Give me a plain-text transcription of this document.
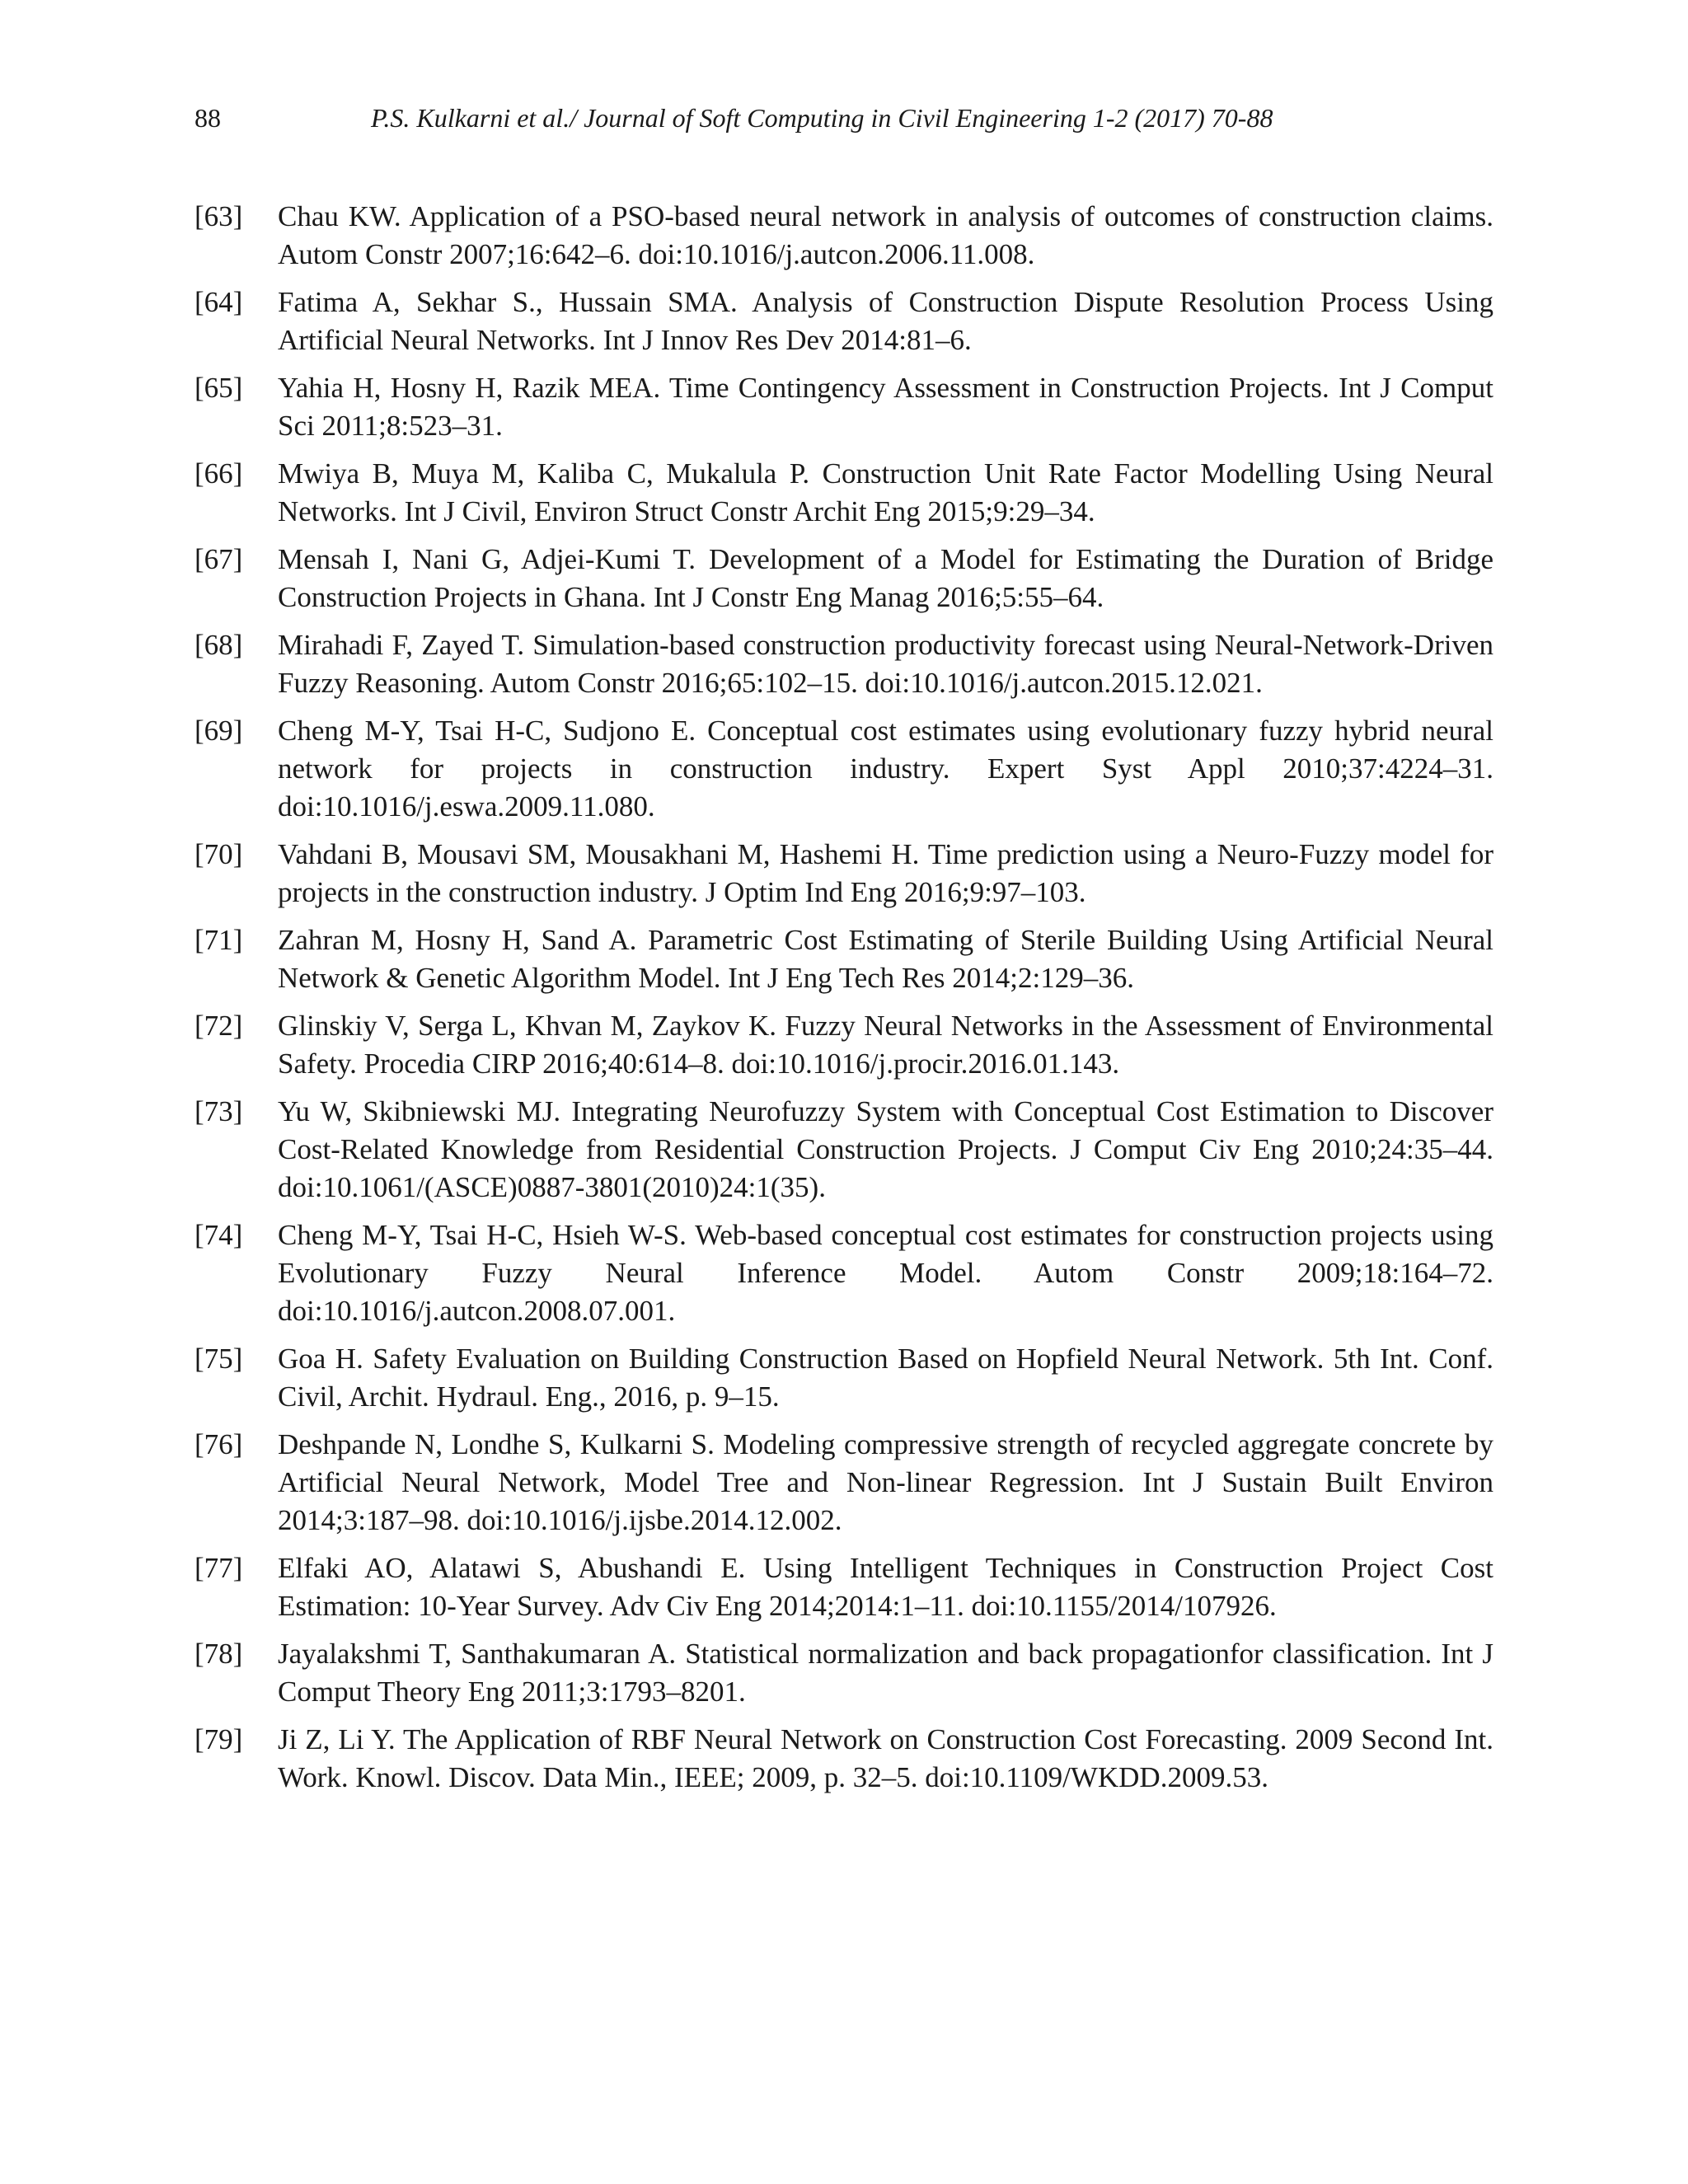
88	P.S. Kulkarni et al./ Journal of Soft Computing in Civil Engineering 1-2 (2017) 70-88
[63] Chau KW. Application of a PSO-based neural network in analysis of outcomes of construction claims. Autom Constr 2007;16:642–6. doi:10.1016/j.autcon.2006.11.008.
[64] Fatima A, Sekhar S., Hussain SMA. Analysis of Construction Dispute Resolution Process Using Artificial Neural Networks. Int J Innov Res Dev 2014:81–6.
[65] Yahia H, Hosny H, Razik MEA. Time Contingency Assessment in Construction Projects. Int J Comput Sci 2011;8:523–31.
[66] Mwiya B, Muya M, Kaliba C, Mukalula P. Construction Unit Rate Factor Modelling Using Neural Networks. Int J Civil, Environ Struct Constr Archit Eng 2015;9:29–34.
[67] Mensah I, Nani G, Adjei-Kumi T. Development of a Model for Estimating the Duration of Bridge Construction Projects in Ghana. Int J Constr Eng Manag 2016;5:55–64.
[68] Mirahadi F, Zayed T. Simulation-based construction productivity forecast using Neural-Network-Driven Fuzzy Reasoning. Autom Constr 2016;65:102–15. doi:10.1016/j.autcon.2015.12.021.
[69] Cheng M-Y, Tsai H-C, Sudjono E. Conceptual cost estimates using evolutionary fuzzy hybrid neural network for projects in construction industry. Expert Syst Appl 2010;37:4224–31. doi:10.1016/j.eswa.2009.11.080.
[70] Vahdani B, Mousavi SM, Mousakhani M, Hashemi H. Time prediction using a Neuro-Fuzzy model for projects in the construction industry. J Optim Ind Eng 2016;9:97–103.
[71] Zahran M, Hosny H, Sand A. Parametric Cost Estimating of Sterile Building Using Artificial Neural Network & Genetic Algorithm Model. Int J Eng Tech Res 2014;2:129–36.
[72] Glinskiy V, Serga L, Khvan M, Zaykov K. Fuzzy Neural Networks in the Assessment of Environmental Safety. Procedia CIRP 2016;40:614–8. doi:10.1016/j.procir.2016.01.143.
[73] Yu W, Skibniewski MJ. Integrating Neurofuzzy System with Conceptual Cost Estimation to Discover Cost-Related Knowledge from Residential Construction Projects. J Comput Civ Eng 2010;24:35–44. doi:10.1061/(ASCE)0887-3801(2010)24:1(35).
[74] Cheng M-Y, Tsai H-C, Hsieh W-S. Web-based conceptual cost estimates for construction projects using Evolutionary Fuzzy Neural Inference Model. Autom Constr 2009;18:164–72. doi:10.1016/j.autcon.2008.07.001.
[75] Goa H. Safety Evaluation on Building Construction Based on Hopfield Neural Network. 5th Int. Conf. Civil, Archit. Hydraul. Eng., 2016, p. 9–15.
[76] Deshpande N, Londhe S, Kulkarni S. Modeling compressive strength of recycled aggregate concrete by Artificial Neural Network, Model Tree and Non-linear Regression. Int J Sustain Built Environ 2014;3:187–98. doi:10.1016/j.ijsbe.2014.12.002.
[77] Elfaki AO, Alatawi S, Abushandi E. Using Intelligent Techniques in Construction Project Cost Estimation: 10-Year Survey. Adv Civ Eng 2014;2014:1–11. doi:10.1155/2014/107926.
[78] Jayalakshmi T, Santhakumaran A. Statistical normalization and back propagationfor classification. Int J Comput Theory Eng 2011;3:1793–8201.
[79] Ji Z, Li Y. The Application of RBF Neural Network on Construction Cost Forecasting. 2009 Second Int. Work. Knowl. Discov. Data Min., IEEE; 2009, p. 32–5. doi:10.1109/WKDD.2009.53.
